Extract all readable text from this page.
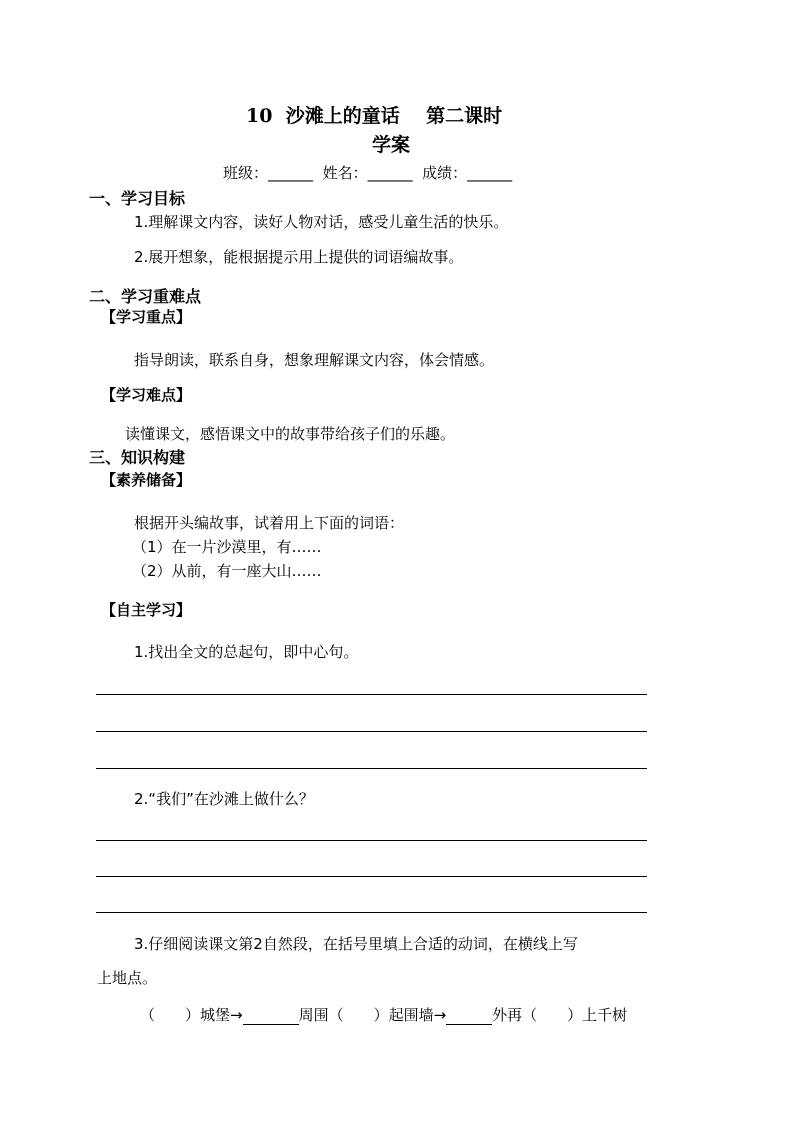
10 沙滩上的童话 第二课时
学案
班级：______ 姓名：______ 成绩：______
一、学习目标
1.理解课文内容，读好人物对话，感受儿童生活的快乐。
2.展开想象，能根据提示用上提供的词语编故事。
二、学习重难点
【学习重点】
指导朗读，联系自身，想象理解课文内容，体会情感。
【学习难点】
读懂课文，感悟课文中的故事带给孩子们的乐趣。
三、知识构建
【素养储备】
根据开头编故事，试着用上下面的词语：
（1）在一片沙漠里，有……
（2）从前，有一座大山……
【自主学习】
1.找出全文的总起句，即中心句。
2.“我们”在沙滩上做什么？
3.仔细阅读课文第2自然段，在括号里填上合适的动词，在横线上写
上地点。
（　　）城堡→	周围（　　）起围墙→	外再（　　）上千树
